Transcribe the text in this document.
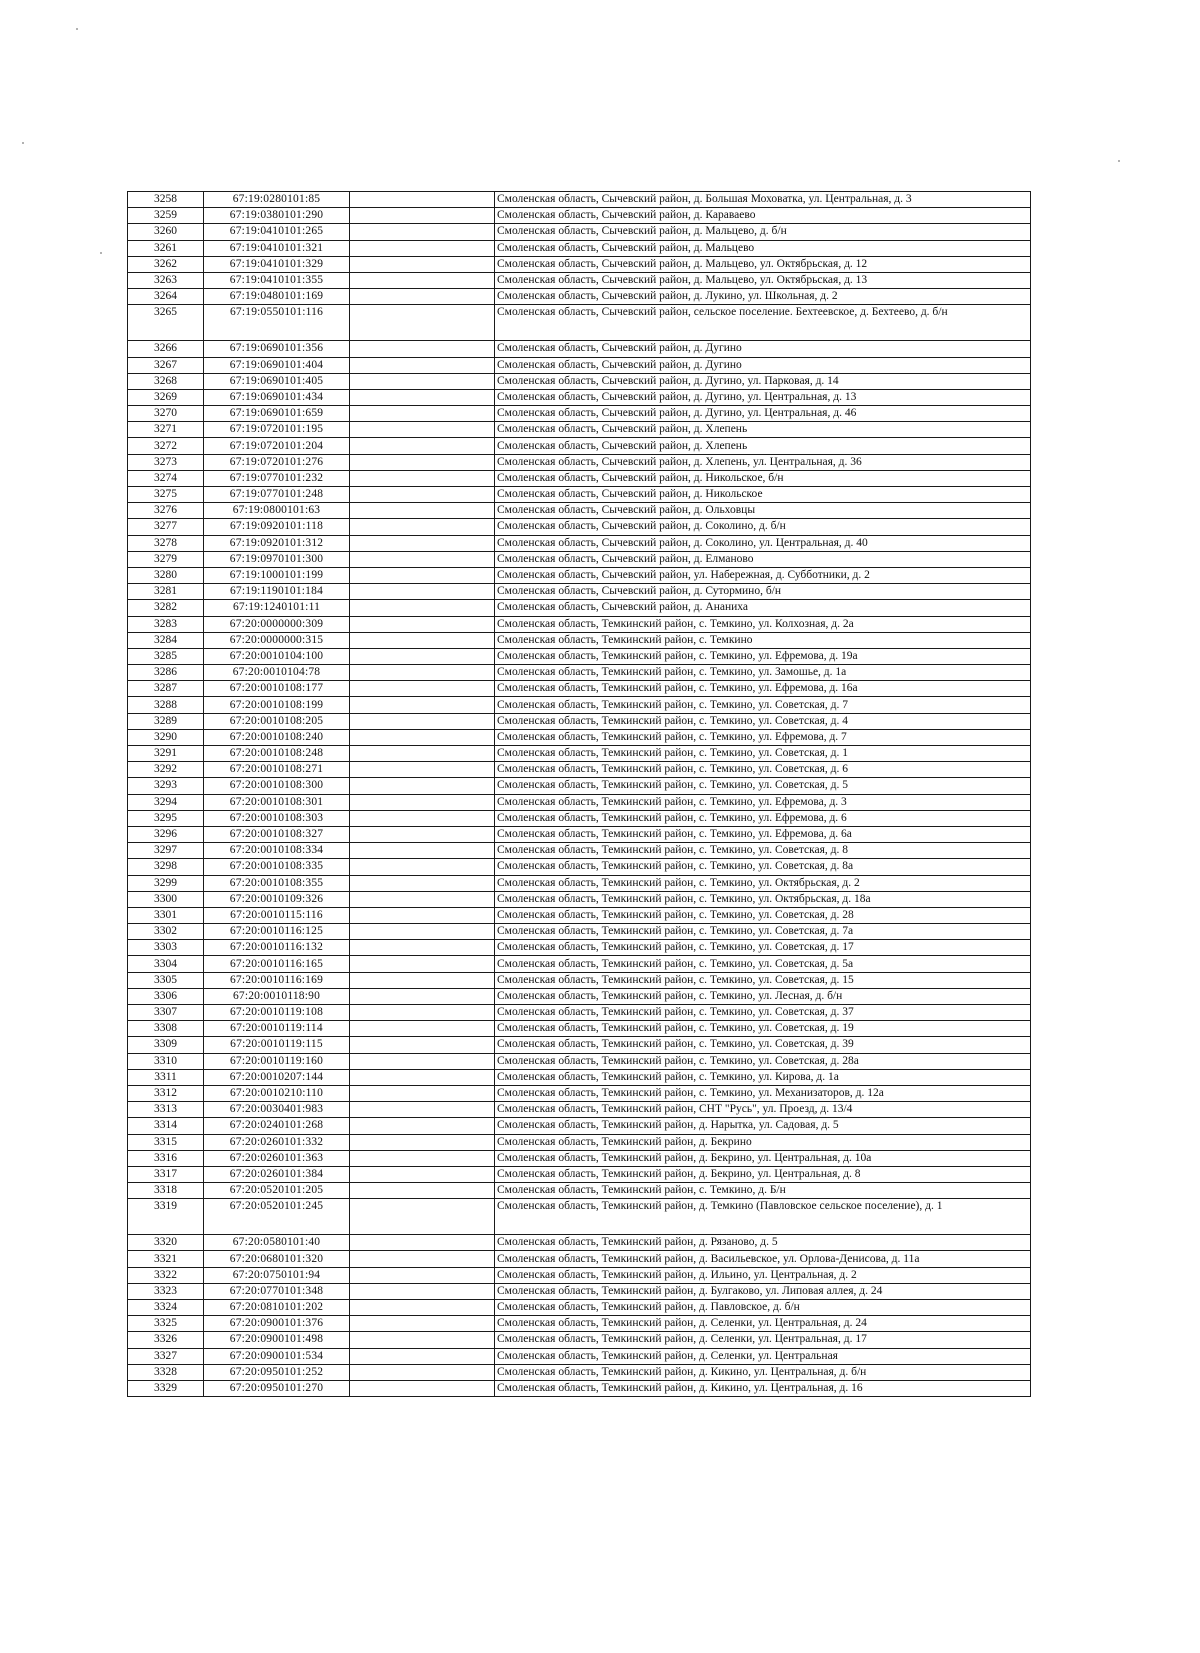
3258	67:19:0280101:85		Смоленская область, Сычевский район, д. Большая Моховатка, ул. Центральная, д. 3
3259	67:19:0380101:290		Смоленская область, Сычевский район, д. Караваево
3260	67:19:0410101:265		Смоленская область, Сычевский район, д. Мальцево, д. б/н
3261	67:19:0410101:321		Смоленская область, Сычевский район, д. Мальцево
3262	67:19:0410101:329		Смоленская область, Сычевский район, д. Мальцево, ул. Октябрьская, д. 12
3263	67:19:0410101:355		Смоленская область, Сычевский район, д. Мальцево, ул. Октябрьская, д. 13
3264	67:19:0480101:169		Смоленская область, Сычевский район, д. Лукино, ул. Школьная, д. 2
3265	67:19:0550101:116		Смоленская область, Сычевский район, сельское поселение. Бехтеевское, д. Бехтеево, д. б/н
3266	67:19:0690101:356		Смоленская область, Сычевский район, д. Дугино
3267	67:19:0690101:404		Смоленская область, Сычевский район, д. Дугино
3268	67:19:0690101:405		Смоленская область, Сычевский район, д. Дугино, ул. Парковая, д. 14
3269	67:19:0690101:434		Смоленская область, Сычевский район, д. Дугино, ул. Центральная, д. 13
3270	67:19:0690101:659		Смоленская область, Сычевский район, д. Дугино, ул. Центральная, д. 46
3271	67:19:0720101:195		Смоленская область, Сычевский район, д. Хлепень
3272	67:19:0720101:204		Смоленская область, Сычевский район, д. Хлепень
3273	67:19:0720101:276		Смоленская область, Сычевский район, д. Хлепень, ул. Центральная, д. 36
3274	67:19:0770101:232		Смоленская область, Сычевский район, д. Никольское, б/н
3275	67:19:0770101:248		Смоленская область, Сычевский район, д. Никольское
3276	67:19:0800101:63		Смоленская область, Сычевский район, д. Ольховцы
3277	67:19:0920101:118		Смоленская область, Сычевский район, д. Соколино, д. б/н
3278	67:19:0920101:312		Смоленская область, Сычевский район, д. Соколино, ул. Центральная, д. 40
3279	67:19:0970101:300		Смоленская область, Сычевский район, д. Елманово
3280	67:19:1000101:199		Смоленская область, Сычевский район, ул. Набережная, д. Субботники, д. 2
3281	67:19:1190101:184		Смоленская область, Сычевский район, д. Сутормино, б/н
3282	67:19:1240101:11		Смоленская область, Сычевский район, д. Ананиха
3283	67:20:0000000:309		Смоленская область, Темкинский район, с. Темкино, ул. Колхозная, д. 2а
3284	67:20:0000000:315		Смоленская область, Темкинский район, с. Темкино
3285	67:20:0010104:100		Смоленская область, Темкинский район, с. Темкино, ул. Ефремова, д. 19а
3286	67:20:0010104:78		Смоленская область, Темкинский район, с. Темкино, ул. Замошье, д. 1а
3287	67:20:0010108:177		Смоленская область, Темкинский район, с. Темкино, ул. Ефремова, д. 16а
3288	67:20:0010108:199		Смоленская область, Темкинский район, с. Темкино, ул. Советская, д. 7
3289	67:20:0010108:205		Смоленская область, Темкинский район, с. Темкино, ул. Советская, д. 4
3290	67:20:0010108:240		Смоленская область, Темкинский район, с. Темкино, ул. Ефремова, д. 7
3291	67:20:0010108:248		Смоленская область, Темкинский район, с. Темкино, ул. Советская, д. 1
3292	67:20:0010108:271		Смоленская область, Темкинский район, с. Темкино, ул. Советская, д. 6
3293	67:20:0010108:300		Смоленская область, Темкинский район, с. Темкино, ул. Советская, д. 5
3294	67:20:0010108:301		Смоленская область, Темкинский район, с. Темкино, ул. Ефремова, д. 3
3295	67:20:0010108:303		Смоленская область, Темкинский район, с. Темкино, ул. Ефремова, д. 6
3296	67:20:0010108:327		Смоленская область, Темкинский район, с. Темкино, ул. Ефремова, д. 6а
3297	67:20:0010108:334		Смоленская область, Темкинский район, с. Темкино, ул. Советская, д. 8
3298	67:20:0010108:335		Смоленская область, Темкинский район, с. Темкино, ул. Советская, д. 8а
3299	67:20:0010108:355		Смоленская область, Темкинский район, с. Темкино, ул. Октябрьская, д. 2
3300	67:20:0010109:326		Смоленская область, Темкинский район, с. Темкино, ул. Октябрьская, д. 18а
3301	67:20:0010115:116		Смоленская область, Темкинский район, с. Темкино, ул. Советская, д. 28
3302	67:20:0010116:125		Смоленская область, Темкинский район, с. Темкино, ул. Советская, д. 7а
3303	67:20:0010116:132		Смоленская область, Темкинский район, с. Темкино, ул. Советская, д. 17
3304	67:20:0010116:165		Смоленская область, Темкинский район, с. Темкино, ул. Советская, д. 5а
3305	67:20:0010116:169		Смоленская область, Темкинский район, с. Темкино, ул. Советская, д. 15
3306	67:20:0010118:90		Смоленская область, Темкинский район, с. Темкино, ул. Лесная, д. б/н
3307	67:20:0010119:108		Смоленская область, Темкинский район, с. Темкино, ул. Советская, д. 37
3308	67:20:0010119:114		Смоленская область, Темкинский район, с. Темкино, ул. Советская, д. 19
3309	67:20:0010119:115		Смоленская область, Темкинский район, с. Темкино, ул. Советская, д. 39
3310	67:20:0010119:160		Смоленская область, Темкинский район, с. Темкино, ул. Советская, д. 28а
3311	67:20:0010207:144		Смоленская область, Темкинский район, с. Темкино, ул. Кирова, д. 1а
3312	67:20:0010210:110		Смоленская область, Темкинский район, с. Темкино, ул. Механизаторов, д. 12а
3313	67:20:0030401:983		Смоленская область, Темкинский район, СНТ "Русь", ул. Проезд, д. 13/4
3314	67:20:0240101:268		Смоленская область, Темкинский район, д. Нарытка, ул. Садовая, д. 5
3315	67:20:0260101:332		Смоленская область, Темкинский район, д. Бекрино
3316	67:20:0260101:363		Смоленская область, Темкинский район, д. Бекрино, ул. Центральная, д. 10а
3317	67:20:0260101:384		Смоленская область, Темкинский район, д. Бекрино, ул. Центральная, д. 8
3318	67:20:0520101:205		Смоленская область, Темкинский район, с. Темкино, д. Б/н
3319	67:20:0520101:245		Смоленская область, Темкинский район, д. Темкино (Павловское сельское поселение), д. 1
3320	67:20:0580101:40		Смоленская область, Темкинский район, д. Рязаново, д. 5
3321	67:20:0680101:320		Смоленская область, Темкинский район, д. Васильевское, ул. Орлова-Денисова, д. 11а
3322	67:20:0750101:94		Смоленская область, Темкинский район, д. Ильино, ул. Центральная, д. 2
3323	67:20:0770101:348		Смоленская область, Темкинский район, д. Булгаково, ул. Липовая аллея, д. 24
3324	67:20:0810101:202		Смоленская область, Темкинский район, д. Павловское, д. б/н
3325	67:20:0900101:376		Смоленская область, Темкинский район, д. Селенки, ул. Центральная, д. 24
3326	67:20:0900101:498		Смоленская область, Темкинский район, д. Селенки, ул. Центральная, д. 17
3327	67:20:0900101:534		Смоленская область, Темкинский район, д. Селенки, ул. Центральная
3328	67:20:0950101:252		Смоленская область, Темкинский район, д. Кикино, ул. Центральная, д. б/н
3329	67:20:0950101:270		Смоленская область, Темкинский район, д. Кикино, ул. Центральная, д. 16
